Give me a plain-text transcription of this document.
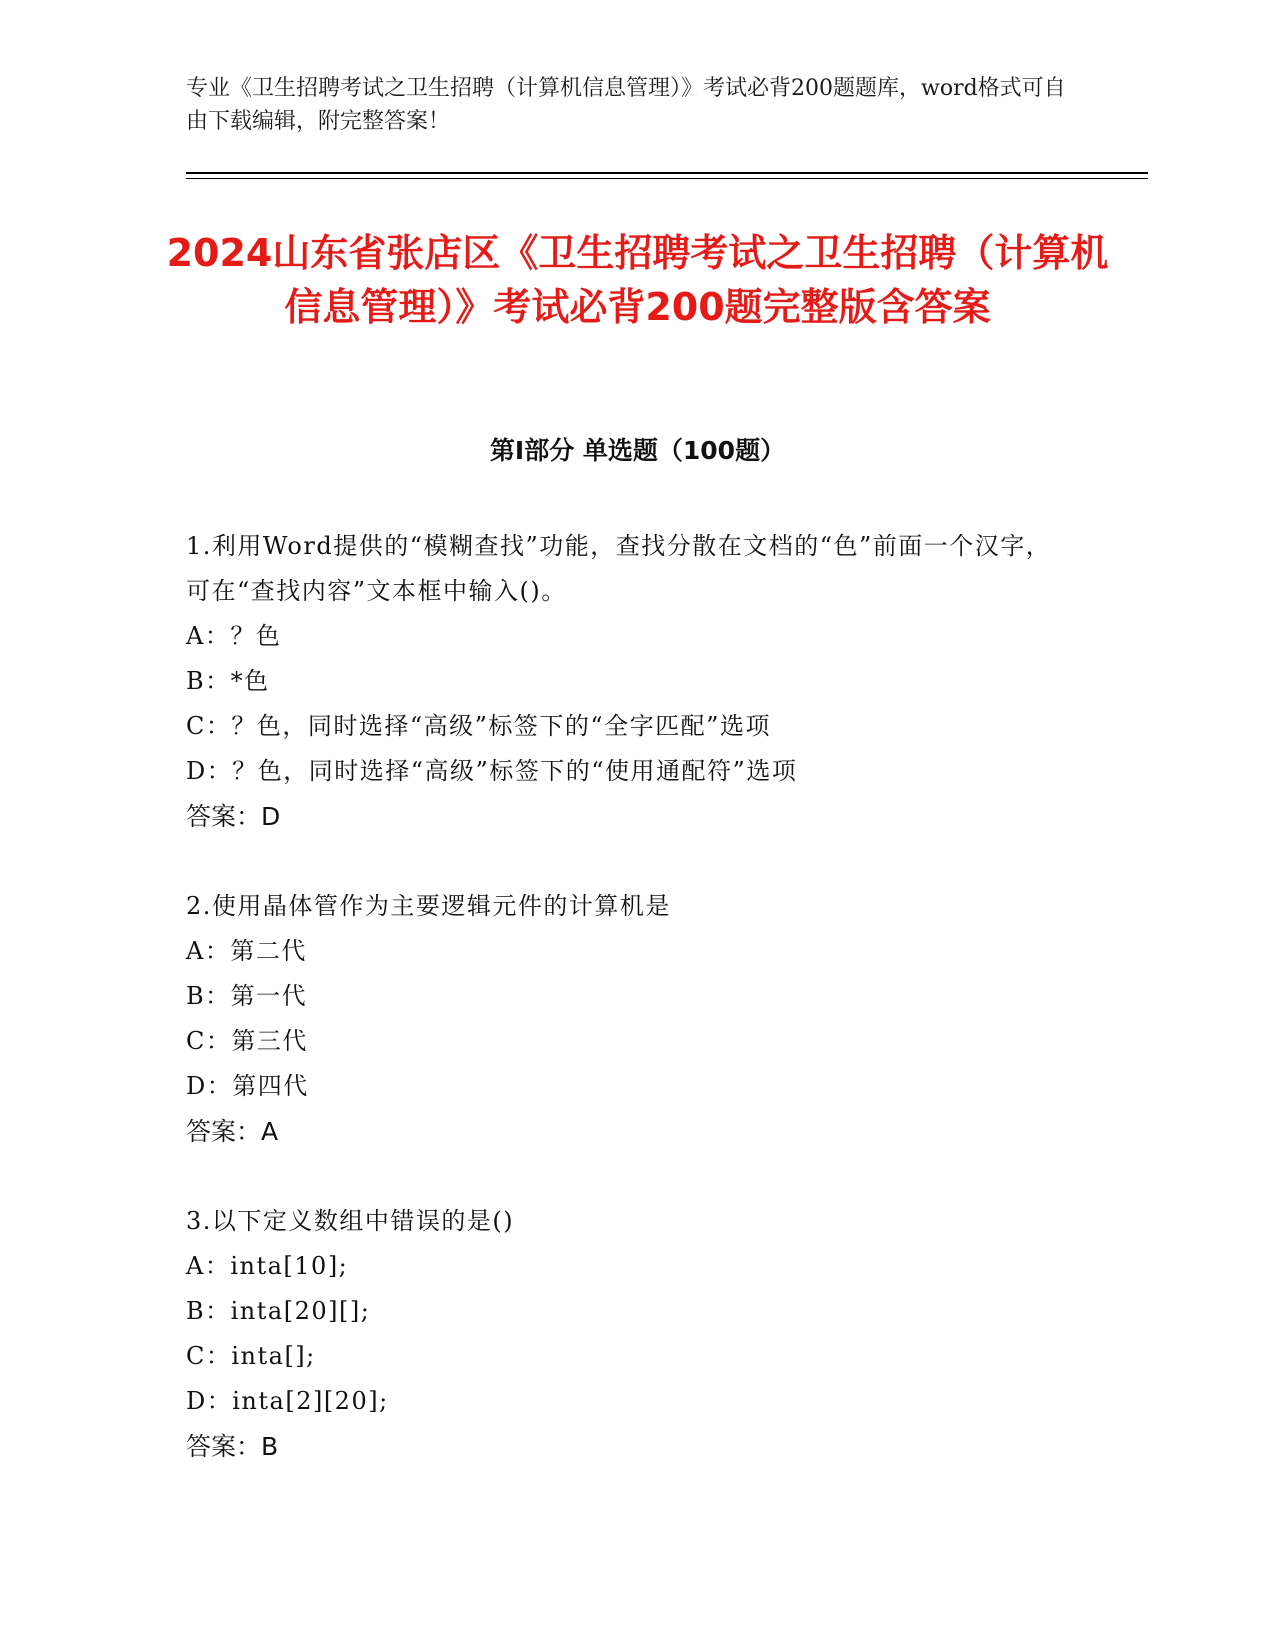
专业《卫生招聘考试之卫生招聘（计算机信息管理）》考试必背200题题库，word格式可自由下载编辑，附完整答案！
2024山东省张店区《卫生招聘考试之卫生招聘（计算机信息管理）》考试必背200题完整版含答案
第Ⅰ部分 单选题（100题）

1.利用Word提供的“模糊查找”功能，查找分散在文档的“色”前面一个汉字，可在“查找内容”文本框中输入()。

A：？色

B：*色

C：？色，同时选择“高级”标签下的“全字匹配”选项

D：？色，同时选择“高级”标签下的“使用通配符”选项

答案：D

2.使用晶体管作为主要逻辑元件的计算机是

A：第二代

B：第一代

C：第三代

D：第四代

答案：A

3.以下定义数组中错误的是()

A：inta[10];

B：inta[20][];

C：inta[];

D：inta[2][20];

答案：B
